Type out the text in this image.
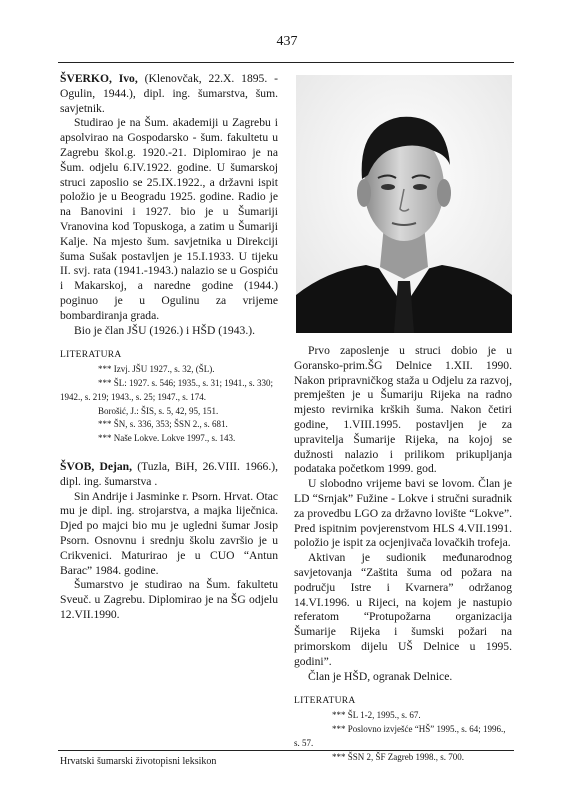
437

ŠVERKO, Ivo, (Klenovčak, 22.X. 1895. - Ogulin, 1944.), dipl. ing. šumarstva, šum. savjetnik.

Studirao je na Šum. akademiji u Zagrebu i apsolvirao na Gospodarsko - šum. fakultetu u Zagrebu škol.g. 1920.-21. Diplomirao je na Šum. odjelu 6.IV.1922. godine. U šumarskoj struci zaposlio se 25.IX.1922., a državni ispit položio je u Beogradu 1925. godine. Radio je na Banovini i 1927. bio je u Šumariji Vranovina kod Topuskoga, a zatim u Šumariji Kalje. Na mjesto šum. savjetnika u Direkciji šuma Sušak postavljen je 15.I.1933. U tijeku II. svj. rata (1941.-1943.) nalazio se u Gospiću i Makarskoj, a naredne godine (1944.) poginuo je u Ogulinu za vrijeme bombardiranja grada.

Bio je član JŠU (1926.) i HŠD (1943.).

LITERATURA

*** Izvj. JŠU 1927., s. 32, (ŠL).
*** ŠL: 1927. s. 546; 1935., s. 31; 1941., s. 330; 1942., s. 219; 1943., s. 25; 1947., s. 174.
Borošić, J.: ŠIS, s. 5, 42, 95, 151.
*** ŠN, s. 336, 353; ŠSN 2., s. 681.
*** Naše Lokve. Lokve 1997., s. 143.

ŠVOB, Dejan, (Tuzla, BiH, 26.VIII. 1966.), dipl. ing. šumarstva .

Sin Andrije i Jasminke r. Psorn. Hrvat. Otac mu je dipl. ing. strojarstva, a majka liječnica. Djed po majci bio mu je ugledni šumar Josip Psorn. Osnovnu i srednju školu završio je u Crikvenici. Maturirao je u CUO “Antun Barac” 1984. godine.

Šumarstvo je studirao na Šum. fakultetu Sveuč. u Zagrebu. Diplomirao je na ŠG odjelu 12.VII.1990.

Prvo zaposlenje u struci dobio je u Goransko-prim.ŠG Delnice 1.XII. 1990. Nakon pripravničkog staža u Odjelu za razvoj, premješten je u Šumariju Rijeka na radno mjesto revirnika krških šuma. Nakon četiri godine, 1.VIII.1995. postavljen je za upravitelja Šumarije Rijeka, na kojoj se dužnosti nalazio i prilikom prikupljanja podataka početkom 1999. god.

U slobodno vrijeme bavi se lovom. Član je LD “Srnjak” Fužine - Lokve i stručni suradnik za provedbu LGO za državno lovište “Lokve”. Pred ispitnim povjerenstvom HLS 4.VII.1991. položio je ispit za ocjenjivača lovačkih trofeja.

Aktivan je sudionik međunarodnog savjetovanja “Zaštita šuma od požara na području Istre i Kvarnera” održanog 14.VI.1996. u Rijeci, na kojem je nastupio referatom “Protupožarna organizacija Šumarije Rijeka i šumski požari na primorskom dijelu UŠ Delnice u 1995. godini”.

Član je HŠD, ogranak Delnice.

LITERATURA

*** ŠL 1-2, 1995., s. 67.
*** Poslovno izvješće “HŠ” 1995., s. 64; 1996., s. 57.
*** ŠSN 2, ŠF Zagreb 1998., s. 700.
Hrvatski šumarski životopisni leksikon
